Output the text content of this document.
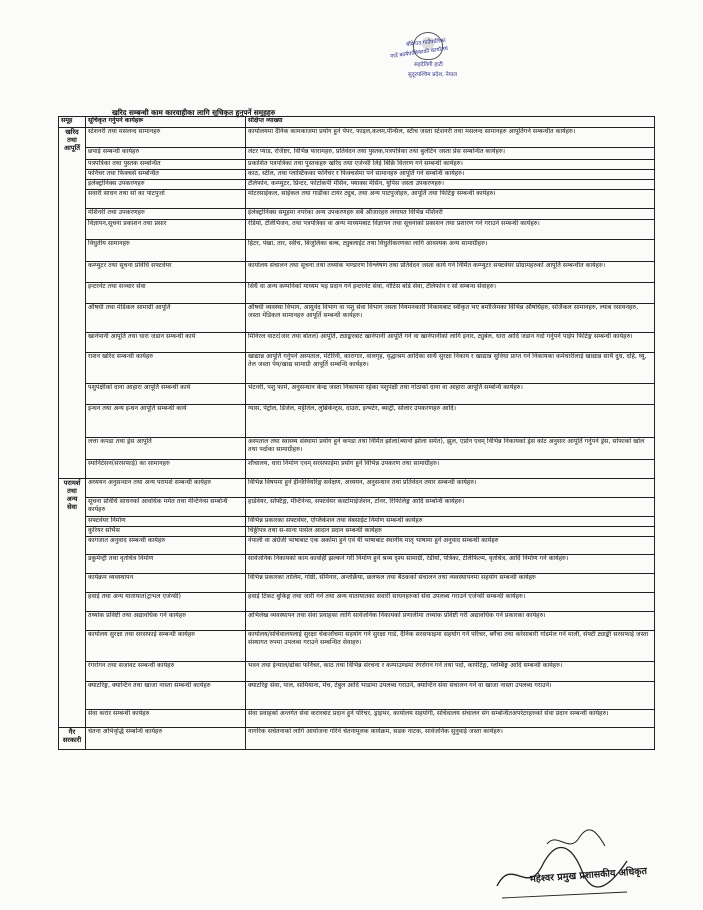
बाँदेगाउ गाउँपालिका
गाउँ कार्यपालिकाको कार्यालय
सहदेविगी हाटी
सुदूरपश्चिम प्रदेश, नेपाल
खरिद सम्बन्धी काम कारवाहीका लागि सूचिकृत हुनुपर्ने समूहहरु
समूह	सूचिकृत गर्नुपर्ने कार्यहरू	संक्षिप्त व्याख्या
खरिद तथा आपूर्ति	स्टेशनरी तथा मसलन्द सामानहरु	कार्यालयमा दैनिक कामकाजमा प्रयोग हुने पेपर, फाइल,कलम,पेन्सिल, स्टीच जस्ता स्टेशनरी तथा मसलन्द सामानहरु आपूर्तिगर्ने सम्बन्धीत कार्यहरु।
	छपाई सम्बन्धी कार्यहरु	लेटर प्याड, रजिष्टर, विभिन्न फारामहरु, प्रतिवेदन तथा पुस्तक,पत्रपत्रिका तथा बुलेटिन जस्ता प्रेस सम्बन्धित कार्यहरु।
	पत्रपत्रिका तथा पुस्तक सम्बन्धित	प्रकाशित पत्रपत्रिका तथा पुस्तकहरु खरिद तथा एजेन्सी लिई बिक्रि वितरण गर्ने सम्बन्धी कार्यहरु।
	फर्निचर तथा फिक्चर्स सम्बन्धित	काठ, स्टील, तथा प्लास्टिकका फर्निचर र फिक्चर्समा पर्ने सामानहरु आपूर्ति गर्ने सम्बन्धि कार्यहरु।
	इलेक्ट्रोनिक्स उपकरणहरु	टेलिफोन, कम्प्युटर, प्रिन्टर, फोटोकपी मेसिन, फ्याक्स मेसिन, युपिस जस्ता उपकरणहरु।
	सवारी साधन तथा सो का पाटपुर्जा	मोटरसाईकल, साईकल तथा गाडीका टायर ट्युब, तथा अन्य पाटपुर्जाहरु, आपूर्ति तथा फिटिङ्ग सम्बन्धी कार्यहरु।
	मेशिनरी तथा उपकरणहरु	ईलेक्ट्रोनिक्स समूहमा नपरेका अन्य उपकरणहरु सबै औजारहरु लगायत विभिन्न मेशिनरी
	विज्ञापन,सूचना प्रकाशन तथा प्रसार	रेडियो, टेलिभिजन, तथा पत्रपत्रिका वा अन्य माध्यमबाट विज्ञापन तथा सूचनाको प्रकाशन तथा प्रशारण गर्ने गराउने सम्बन्धी कार्यहरु।
	विधुतीय सामानहरु	हिटर, पंखा, तार, स्वीच, बिजुलिका बल्ब, ट्युबलाईट तथा विधुतीकरणका लागि आवश्यक अन्य सामाग्रीहरु।
	कम्प्युटर तथा सूचना प्रविधि सफ्टवेयर	कार्यालय संचालन तथा सूचना तथा तथ्यांक भण्डारण विश्लेषण तथा प्रतिवेदन जस्ता कार्य गर्न निर्मित कम्प्युटर सफ्टवेयर प्रोग्रामहरुको आपूर्ति सम्बन्धीत कार्यहरु।
	इन्टरनेट तथा सञ्चार सेवा	सिधै वा अन्य कम्पनिको माध्यम भइ प्रदान गर्ने इन्टरनेट सेवा, नोटिस बोर्ड सेवा, टेलिफोन र सो सम्बन्ध सेवाहरु।
	औषधी तथा मेडिकल सामाग्री आपूर्ति	औषधी व्यवस्था विभाग, आयुर्वेद विभाग वा पशु सेवा विभाग जस्ता नियमनकारी निकायबाट स्वीकृत भए बमोजिमका विभिन्न औषधिहरु, सर्जिकल सामानहरु, ल्याब रसायनहरु, जस्ता मेडिकल सामानहरु आपूर्ति सम्बन्धी कार्यहरु।
	खानेपानी आपूर्ति तथा धारा जडान सम्बन्धी कार्य	मिनिरल वाटर(जार तथा बोतल) आपूर्ति, ट्याङ्करबाट खानेपानी आपूर्ति गर्ने वा खानेपानीको लागि इनार, ट्युबेल, धारा आदि जडान गर्दा गर्नुपर्ने पाईप फिटिङ्ग सम्बन्धी कार्यहरु।
	राशन खरिद सम्बन्धी कार्यहरु	खाद्यान्न आपूर्ति गर्नुपर्ने अस्पताल, मेटेरिनी, कारागार, वालगृह, वृद्धाश्रम आदिका साथै सुरक्षा निकाय र खाद्यान्न सुविधा प्राप्त गर्ने निकायका कर्मचारीलाई खाद्यान्न साथै दुध, दहि, घ्यु, तेल जस्ता पेय/खाद्य सामाग्री आपूर्ति सम्बन्धि कार्यहरु।
	पशुपंक्षीको दाना आहारा आपूर्ति सम्बन्धी कार्य	भेटनरी, पशु फार्म, अनुसन्धान केन्द्र जस्ता निकायमा रहेका पशुपंक्षी तथा गोठाको दाना वा आहारा आपूर्ति सम्बन्धि कार्यहरु।
	इन्धन तथा अन्य इन्धन आपूर्ति सम्बन्धी कार्य	ग्यास, पेट्रोल, डिजेल, मट्टीतेल, लुब्रिकेन्ट्स, दाउरा, इन्भर्टर, ब्याट्री, सोलार उपकरणहरु आदि।
	लत्ता कपडा तथा ड्रेस आपूर्ति	अस्पताल तथा स्वास्थ्य संस्थामा प्रयोग हुने कपडा तथा निर्मित झोला(ब्यानो झोला समेत), झुल, एप्रोन एवम् विभिन्न निकायको ड्रेस कोट अनुसार आपूर्ति गर्नुपर्ने ड्रेस, सोफाको खोल तथा पर्दाका सामाग्रीहरु।
	स्यानिटेसन(सरसफाई) का सामानहरु	शौचालय, धारा निर्माण एवम् सरसफाईमा प्रयोग हुने विभिन्न उपकरण तथा सामाग्रीहरु।
परामर्श तथा अन्य सेवा	अध्ययन अनुसन्धान तथा अन्य परामर्श सम्बन्धी कार्यहरु	विभिन्न विषयमा हुने ईन्जिनियरिङ्ग सर्वेक्षण, अध्ययन, अनुसन्धान तथा प्रतिवेदन तयार सम्बन्धी कार्यहरु।
	सूचना प्रविधि साधनको आवधिक मर्मत तथा मेन्टिनेन्स सम्बन्धि कार्यहरु	हार्डवेयर, सफ्टिङ्ग, मेन्टिनेन्स, सफ्टवेयर कस्टोमाईजेशन, टोनर, रिफिलिङ्ग आदि सम्बन्धि कार्यहरु।
	सफ्टवेयर निर्माण	विभिन्न प्रकारका सफ्टवेयर, एप्लिकेशन तथा वेबसाईट निर्माण सम्बन्धी कार्यहरु
	कुरियर सर्भिस	चिठ्ठीपत्र तथा स-साना पार्सल आदान प्रदान सम्बन्धी कार्यहरु
	कागजात अनुवाद सम्बन्धी कार्यहरु	नेपाली वा अंग्रेजी भाषाबाट एक अर्कोमा हुने एवं यी भाषाबाट स्थानीय मातृ भाषामा हुने अनुवाद सम्बन्धी कार्यहरु
	डकुमेन्ट्री तथा वृतचित्र निर्माण	सार्वजनिक निकायको काम कार्वाही झल्कने गरी निर्माण हुने श्रव्य दृश्य सामाग्री, रेडीयो, पत्रिका, टेलिफिल्म, वृतचित्र, आदि निर्माण गर्ने कार्यहरु।
	कार्यक्रम व्यवस्थापन	विभिन्न प्रकारका तालिम, गोष्ठी, सेमिनार, अन्तर्क्रिया, छलफल तथा बैठकको संचालन तथा व्यवस्थापनमा सहयोग सम्बन्धी कार्यहरु
	हवाई तथा अन्य यातायात(ट्राभल एजेन्सी)	हवाई टिकट बुकिङ्ग तथा जारी गर्ने तथा अन्य यातायातका सवारी साधनहरुको सेवा उपलब्ध गराउने एजेन्सी सम्बन्धी कार्यहरु।
	तथ्यांक प्रविष्टी तथा अद्यावधिक गर्ने कार्यहरु	अभिलेख व्यवस्थापन तथा सेवा प्रवाहका लागि सार्वजनिक निकायको प्रणालीमा तथ्यांक प्रविष्टी गरी अद्यावधिक गर्ने प्रकारका कार्यहरु।
	कार्यालय सुरक्षा तथा सरसफाई सम्बन्धी कार्यहरु	कार्यालय/सचिवालयलाई सुरक्षा चेकजाँचमा सहयोग गर्ने सुरक्षा गार्ड, दैनिक सरसफाइमा सहयोग गर्ने परिचर, बगैंचा तथा करेसाबारी गोडमेल गर्ने माली, सेफ्टी ट्याङ्की सरसफाई जस्ता संस्थागत रुपमा उपलब्ध गराउने सम्बन्धित सेवाहरु।
	रंगरोगन तथा सजावट सम्बन्धी कार्यहरु	भवन तथा ईन्याल/ढोका फर्निचर, काठ तथा विभिन्न संरचना र कम्पाउण्डमा रंगरोगन गर्ने तथा पर्दा, कार्पेटिङ्ग, प्लम्बिङ्ग आदि सम्बन्धी कार्यहरु।
	क्याटरिङ्ग, क्यान्टिन तथा खाजा नास्ता सम्बन्धी कार्यहरु	क्याटरिङ्ग सेवा, पाल, सामियाना, मेच, टेबुल आदि भाडामा उपलब्ध गराउने, क्यान्टिन सेवा संचालन गर्ने वा खाजा नास्ता उपलब्ध गराउने।
	सेवा करार सम्बन्धी कार्यहरु	सेवा प्रवाहको अन्तर्गत सेवा करारबाट प्रदान हुने परिचर, ड्राइभर, कार्यालय सहयोगी, सचिवालय संचालन संग सम्बन्धितअपरेटरहरुको सेवा प्रदान सम्बन्धी कार्यहरु।
गैर सरकारी	चेतना अभिवृद्धि सम्बन्धि कार्यहरु	नागरिक सचेतनाको लागि आयोजना गरिने चेतनामूलक कार्यक्रम, सडक नाटक, सार्वजनिक सुनुवाई जस्ता कार्यहरु।
महेश्वर प्रमुख प्रशासकीय अधिकृत
